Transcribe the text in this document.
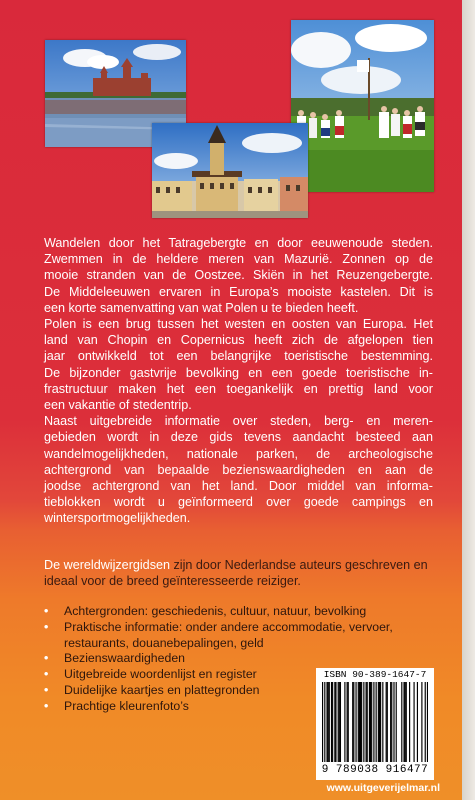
Wandelen door het Tatragebergte en door eeuwenoude steden.
Zwemmen in de heldere meren van Mazurië. Zonnen op de
mooie stranden van de Oostzee. Skiën in het Reuzengebergte.
De Middeleeuwen ervaren in Europa’s mooiste kastelen. Dit is
een korte samenvatting van wat Polen u te bieden heeft.

Polen is een brug tussen het westen en oosten van Europa. Het
land van Chopin en Copernicus heeft zich de afgelopen tien
jaar ontwikkeld tot een belangrijke toeristische bestemming.
De bijzonder gastvrije bevolking en een goede toeristische in-
frastructuur maken het een toegankelijk en prettig land voor
een vakantie of stedentrip.

Naast uitgebreide informatie over steden, berg- en meren-
gebieden wordt in deze gids tevens aandacht besteed aan
wandelmogelijkheden, nationale parken, de archeologische
achtergrond van bepaalde bezienswaardigheden en aan de
joodse achtergrond van het land. Door middel van informa-
tieblokken wordt u geïnformeerd over goede campings en
wintersportmogelijkheden.

De wereldwijzergidsen zijn door Nederlandse auteurs geschreven en ideaal voor de breed geïnteresseerde reiziger.
• Achtergronden: geschiedenis, cultuur, natuur, bevolking
• Praktische informatie: onder andere accommodatie, vervoer,
restaurants, douanebepalingen, geld
• Bezienswaardigheden
• Uitgebreide woordenlijst en register
• Duidelijke kaartjes en plattegronden
• Prachtige kleurenfoto’s
ISBN 90-389-1647-7
9 789038 916477
www.uitgeverijelmar.nl
